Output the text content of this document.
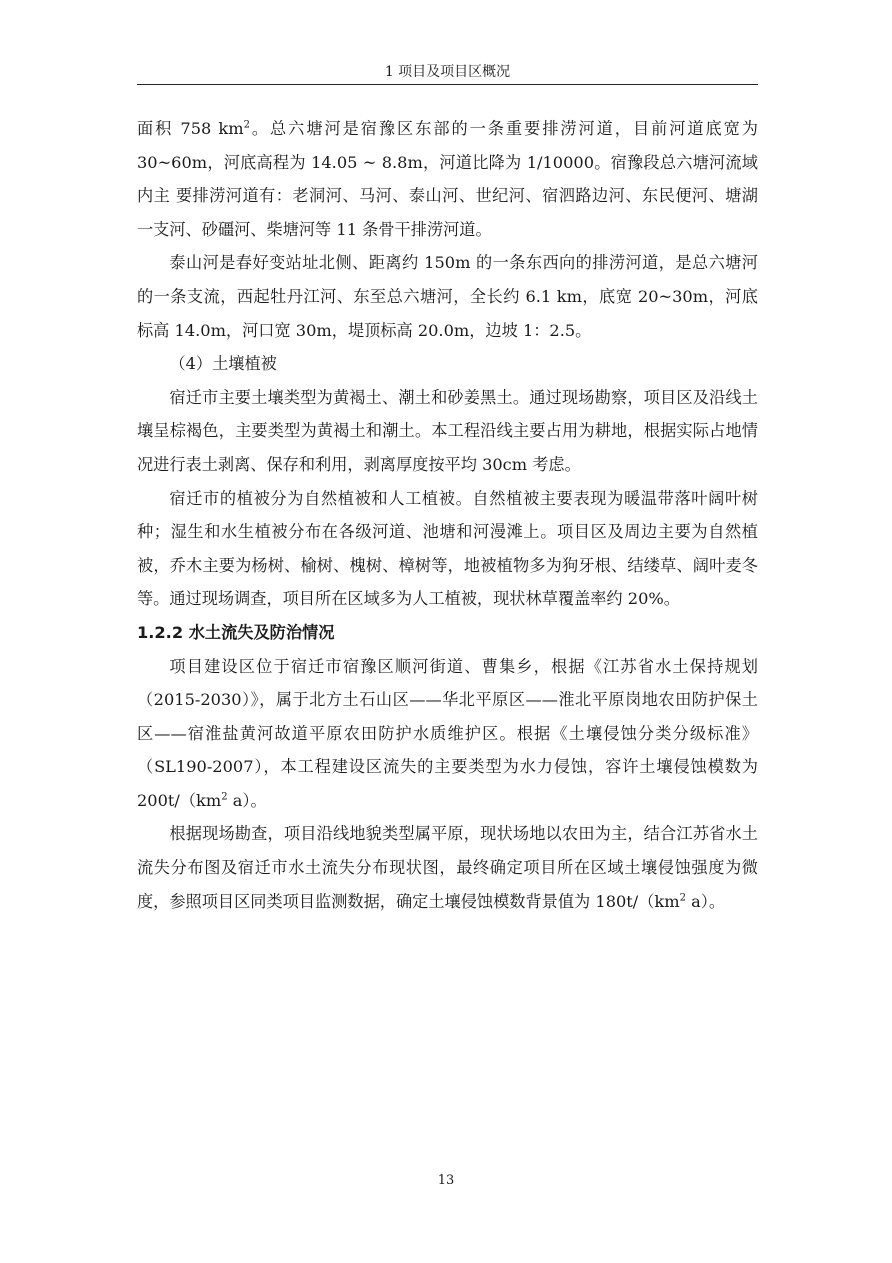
1 项目及项目区概况

面积 758 $km^2$。总六塘河是宿豫区东部的一条重要排涝河道，目前河道底宽为 30~60m，河底高程为 14.05 ~ 8.8m，河道比降为 1/10000。宿豫段总六塘河流域内主 要排涝河道有：老洞河、马河、泰山河、世纪河、宿泗路边河、东民便河、塘湖 一支河、砂礓河、柴塘河等 11 条骨干排涝河道。

泰山河是春好变站址北侧、距离约 150m 的一条东西向的排涝河道，是总六塘河的一条支流，西起牡丹江河、东至总六塘河，全长约 6.1 km，底宽 20~30m，河底标高 14.0m，河口宽 30m，堤顶标高 20.0m，边坡 1：2.5。

（4）土壤植被

宿迁市主要土壤类型为黄褐土、潮土和砂姜黑土。通过现场勘察，项目区及沿线土壤呈棕褐色，主要类型为黄褐土和潮土。本工程沿线主要占用为耕地，根据实际占地情况进行表土剥离、保存和利用，剥离厚度按平均 30cm 考虑。

宿迁市的植被分为自然植被和人工植被。自然植被主要表现为暖温带落叶阔叶树种；湿生和水生植被分布在各级河道、池塘和河漫滩上。项目区及周边主要为自然植被，乔木主要为杨树、榆树、槐树、樟树等，地被植物多为狗牙根、结缕草、阔叶麦冬等。通过现场调查，项目所在区域多为人工植被，现状林草覆盖率约 20%。

1.2.2 水土流失及防治情况

项目建设区位于宿迁市宿豫区顺河街道、曹集乡，根据《江苏省水土保持规划（2015-2030）》，属于北方土石山区——华北平原区——淮北平原岗地农田防护保土区——宿淮盐黄河故道平原农田防护水质维护区。根据《土壤侵蚀分类分级标准》（SL190-2007），本工程建设区流失的主要类型为水力侵蚀，容许土壤侵蚀模数为 $200t/(km^2$ a）。

根据现场勘查，项目沿线地貌类型属平原，现状场地以农田为主，结合江苏省水土流失分布图及宿迁市水土流失分布现状图，最终确定项目所在区域土壤侵蚀强度为微度，参照项目区同类项目监测数据，确定土壤侵蚀模数背景值为 $180t/(km^2$ a）。

13
